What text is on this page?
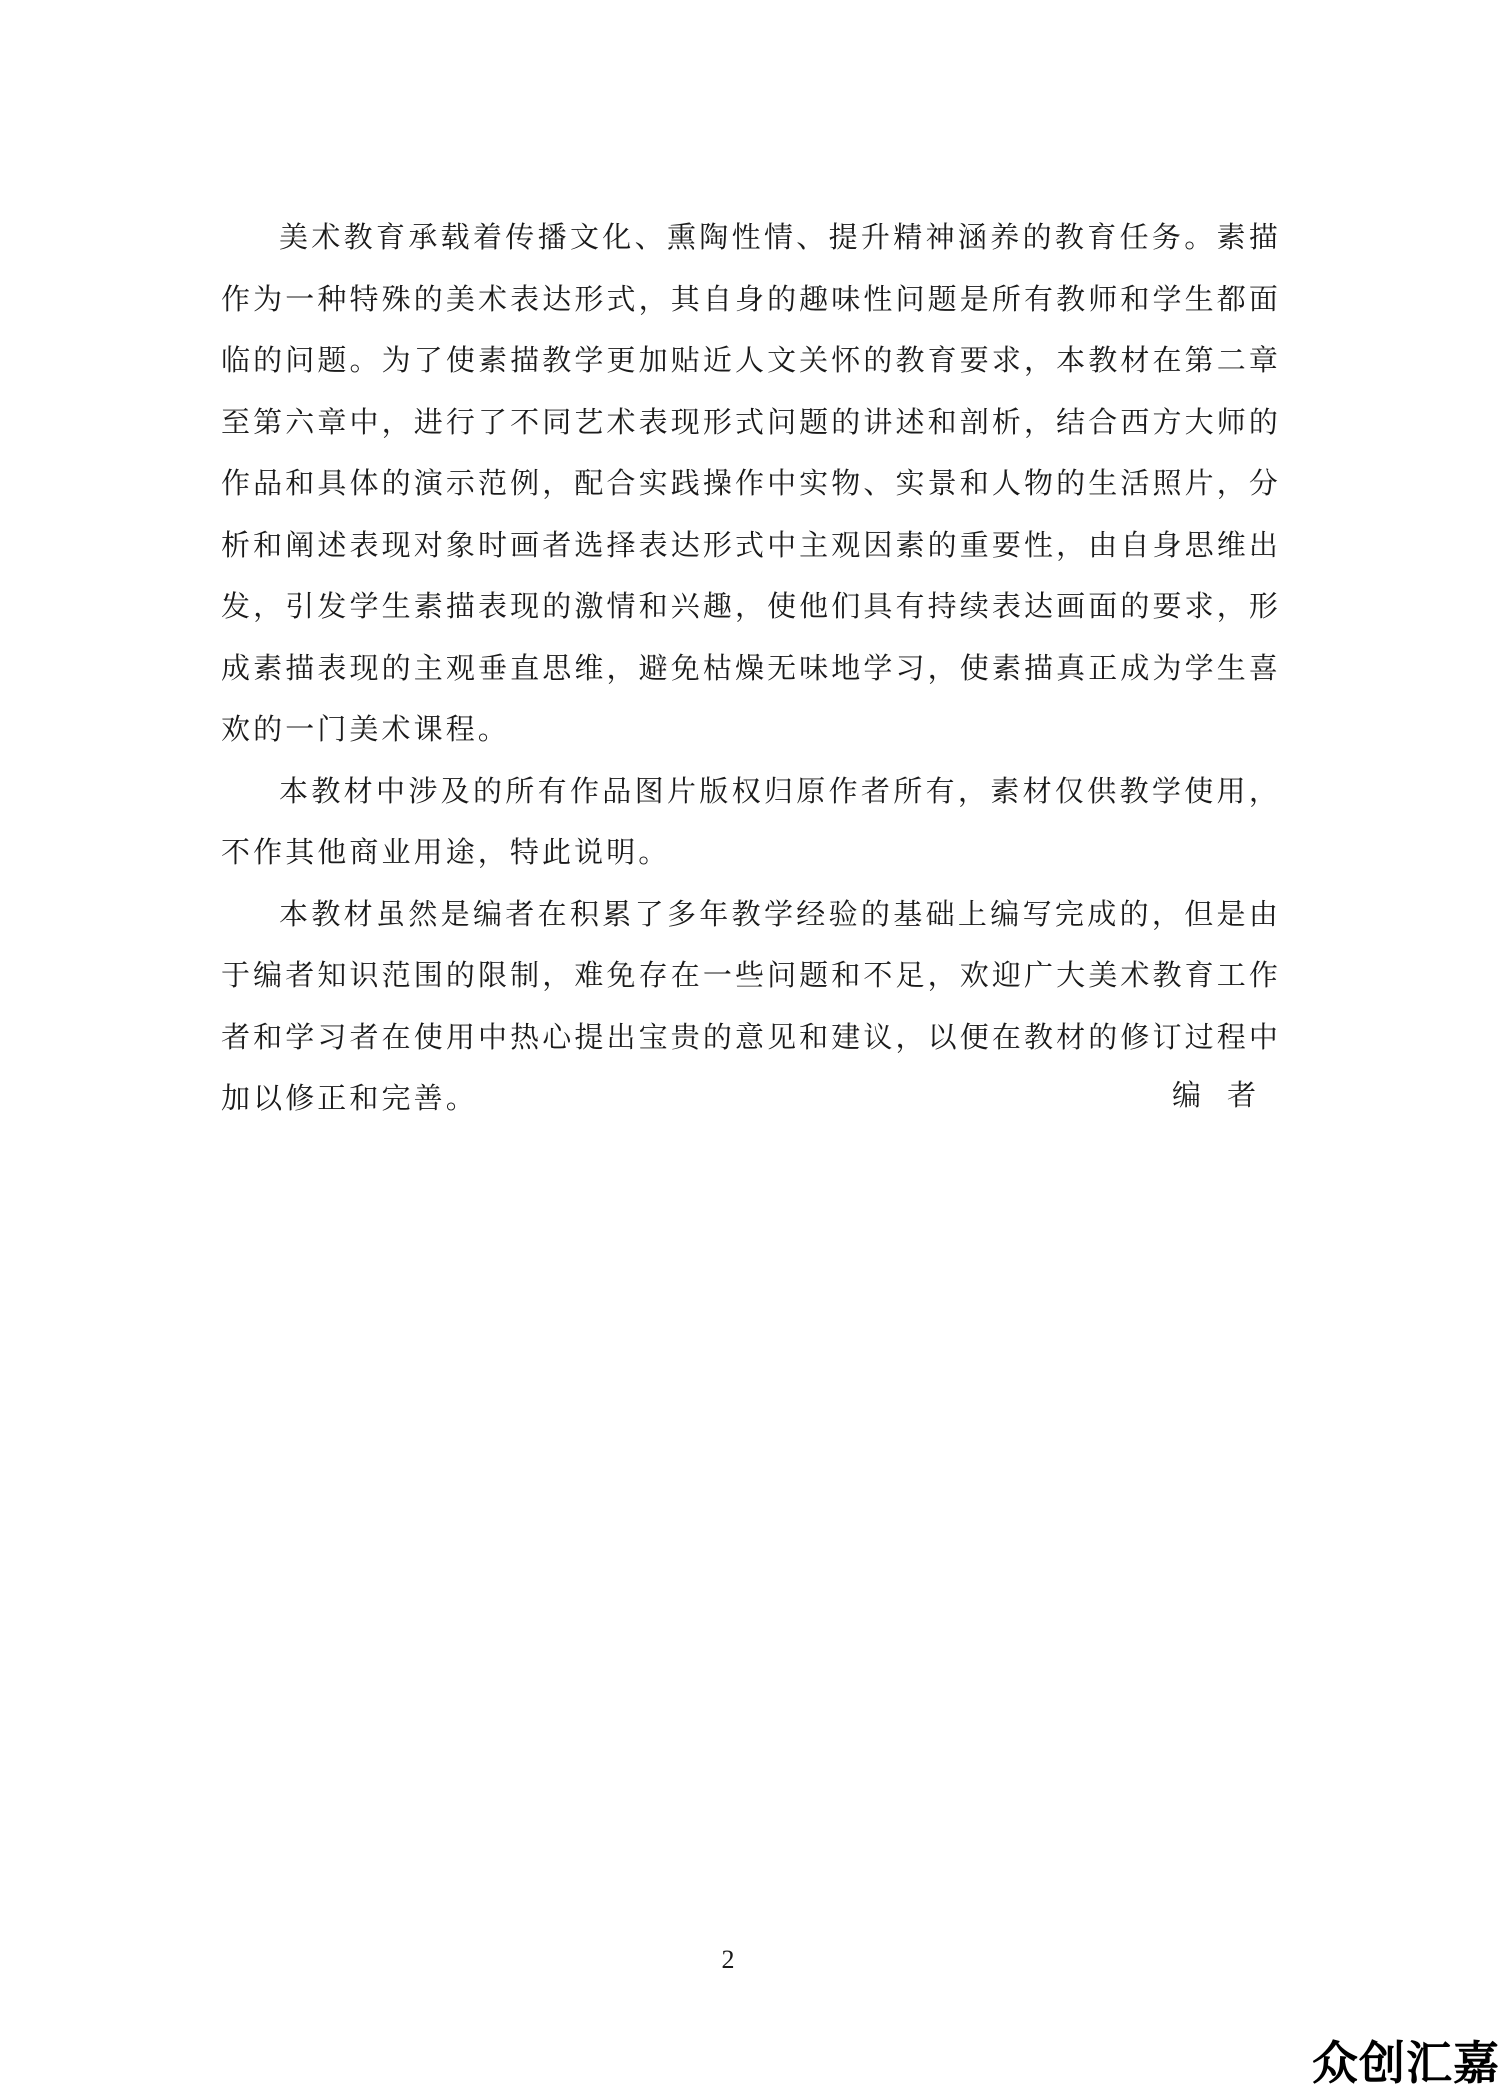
美术教育承载着传播文化、熏陶性情、提升精神涵养的教育任务。素描作为一种特殊的美术表达形式，其自身的趣味性问题是所有教师和学生都面临的问题。为了使素描教学更加贴近人文关怀的教育要求，本教材在第二章至第六章中，进行了不同艺术表现形式问题的讲述和剖析，结合西方大师的作品和具体的演示范例，配合实践操作中实物、实景和人物的生活照片，分析和阐述表现对象时画者选择表达形式中主观因素的重要性，由自身思维出发，引发学生素描表现的激情和兴趣，使他们具有持续表达画面的要求，形成素描表现的主观垂直思维，避免枯燥无味地学习，使素描真正成为学生喜欢的一门美术课程。

本教材中涉及的所有作品图片版权归原作者所有，素材仅供教学使用，不作其他商业用途，特此说明。

本教材虽然是编者在积累了多年教学经验的基础上编写完成的，但是由于编者知识范围的限制，难免存在一些问题和不足，欢迎广大美术教育工作者和学习者在使用中热心提出宝贵的意见和建议，以便在教材的修订过程中加以修正和完善。	编者
2
众创汇嘉
